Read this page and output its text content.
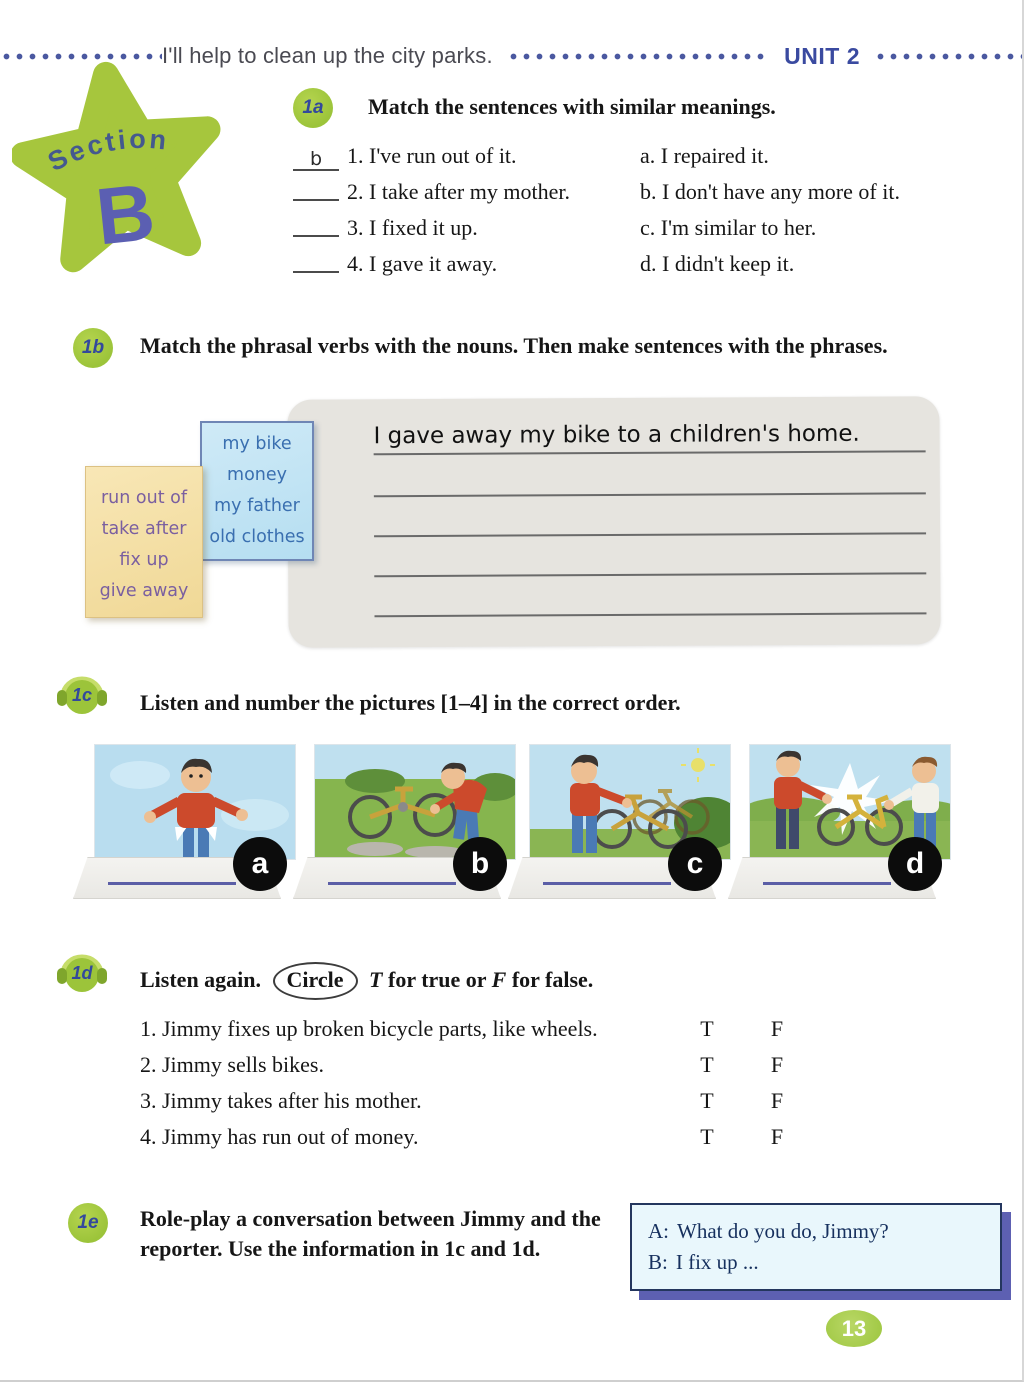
I'll help to clean up the city parks.	UNIT 2
Section
B
1a	Match the sentences with similar meanings.
b 1. I've run out of it.	a. I repaired it.
2. I take after my mother.	b. I don't have any more of it.
3. I fixed it up.	c. I'm similar to her.
4. I gave it away.	d. I didn't keep it.
1b	Match the phrasal verbs with the nouns. Then make sentences with the phrases.
I gave away my bike to a children's home.
run out of
take after
fix up
give away
my bike
money
my father
old clothes
1c	Listen and number the pictures [1–4] in the correct order.
a	b	c	d
1d	Listen again. Circle T for true or F for false.
1. Jimmy fixes up broken bicycle parts, like wheels.	T	F
2. Jimmy sells bikes.	T	F
3. Jimmy takes after his mother.	T	F
4. Jimmy has run out of money.	T	F
1e	Role-play a conversation between Jimmy and the reporter. Use the information in 1c and 1d.
A: What do you do, Jimmy?
B: I fix up ...
13
